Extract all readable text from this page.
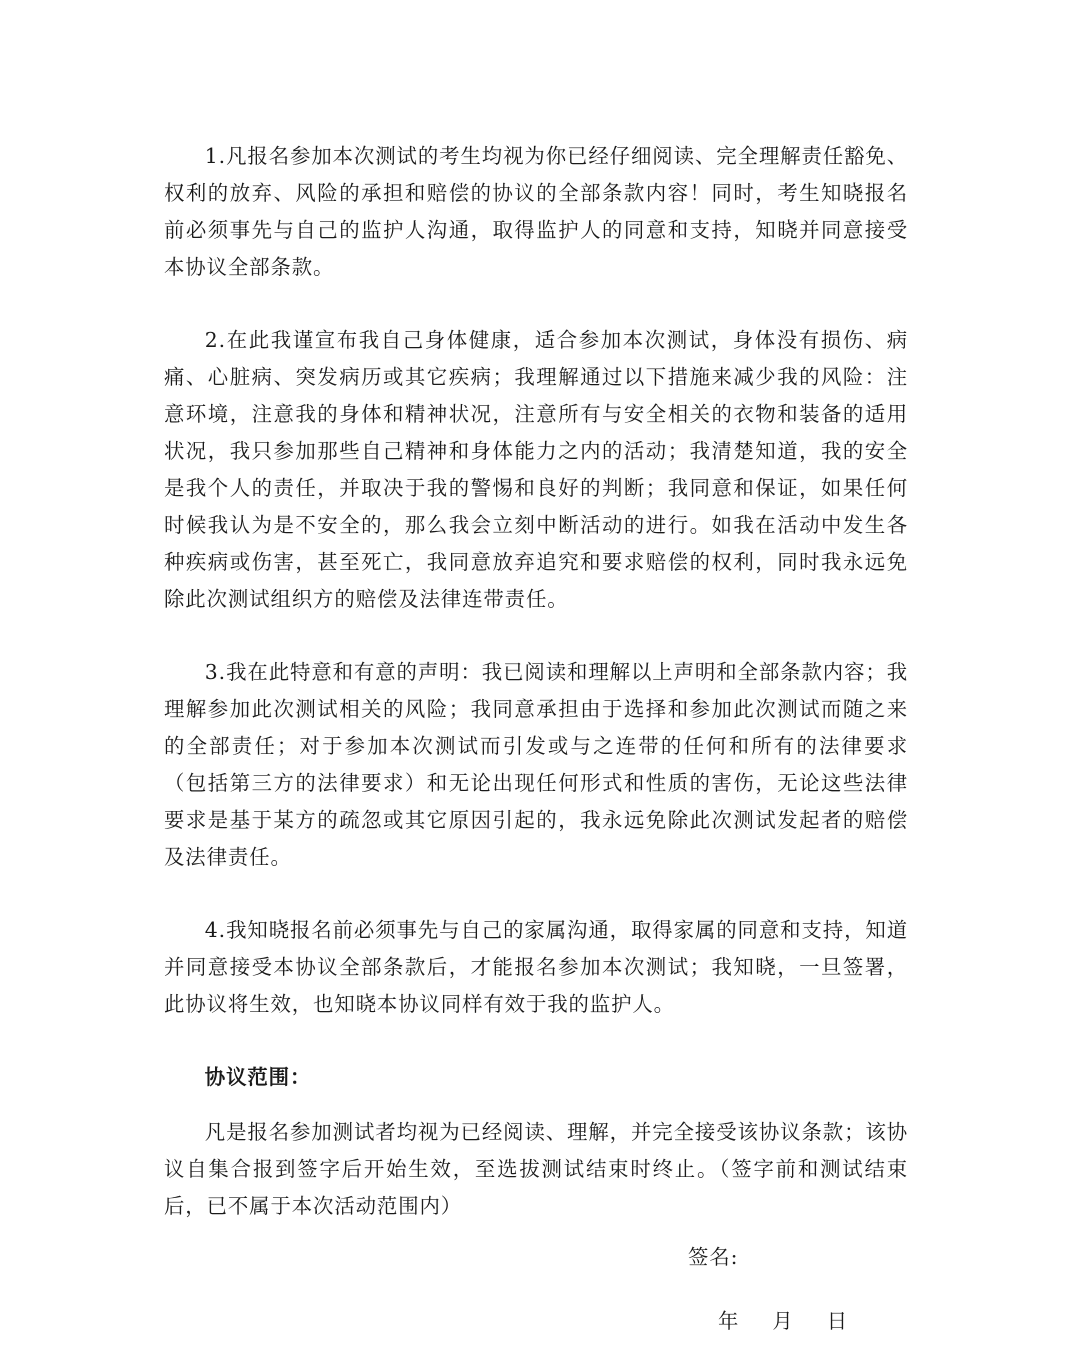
1.凡报名参加本次测试的考生均视为你已经仔细阅读、完全理解责任豁免、权利的放弃、风险的承担和赔偿的协议的全部条款内容！同时，考生知晓报名前必须事先与自己的监护人沟通，取得监护人的同意和支持，知晓并同意接受本协议全部条款。

2.在此我谨宣布我自己身体健康，适合参加本次测试，身体没有损伤、病痛、心脏病、突发病历或其它疾病；我理解通过以下措施来减少我的风险：注意环境，注意我的身体和精神状况，注意所有与安全相关的衣物和装备的适用状况，我只参加那些自己精神和身体能力之内的活动；我清楚知道，我的安全是我个人的责任，并取决于我的警惕和良好的判断；我同意和保证，如果任何时候我认为是不安全的，那么我会立刻中断活动的进行。如我在活动中发生各种疾病或伤害，甚至死亡，我同意放弃追究和要求赔偿的权利，同时我永远免除此次测试组织方的赔偿及法律连带责任。

3.我在此特意和有意的声明：我已阅读和理解以上声明和全部条款内容；我理解参加此次测试相关的风险；我同意承担由于选择和参加此次测试而随之来的全部责任；对于参加本次测试而引发或与之连带的任何和所有的法律要求（包括第三方的法律要求）和无论出现任何形式和性质的害伤，无论这些法律要求是基于某方的疏忽或其它原因引起的，我永远免除此次测试发起者的赔偿及法律责任。

4.我知晓报名前必须事先与自己的家属沟通，取得家属的同意和支持，知道并同意接受本协议全部条款后，才能报名参加本次测试；我知晓，一旦签署，此协议将生效，也知晓本协议同样有效于我的监护人。

协议范围：

凡是报名参加测试者均视为已经阅读、理解，并完全接受该协议条款；该协议自集合报到签字后开始生效，至选拔测试结束时终止。（签字前和测试结束后，已不属于本次活动范围内）

签名:
年 月 日
